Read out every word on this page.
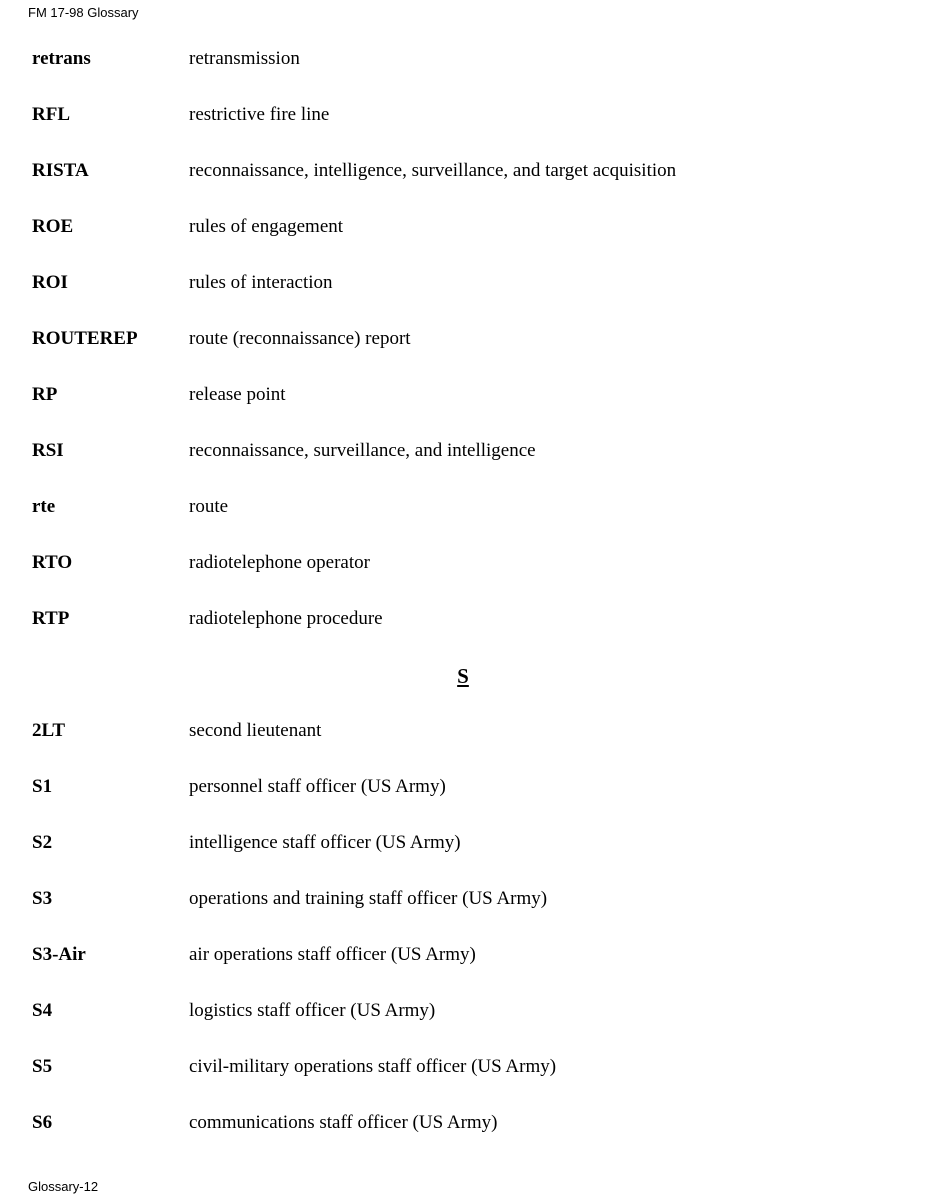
FM 17-98 Glossary
retrans	retransmission
RFL	restrictive fire line
RISTA	reconnaissance, intelligence, surveillance, and target acquisition
ROE	rules of engagement
ROI	rules of interaction
ROUTEREP	route (reconnaissance) report
RP	release point
RSI	reconnaissance, surveillance, and intelligence
rte	route
RTO	radiotelephone operator
RTP	radiotelephone procedure
S
2LT	second lieutenant
S1	personnel staff officer (US Army)
S2	intelligence staff officer (US Army)
S3	operations and training staff officer (US Army)
S3-Air	air operations staff officer (US Army)
S4	logistics staff officer (US Army)
S5	civil-military operations staff officer (US Army)
S6	communications staff officer (US Army)
Glossary-12
